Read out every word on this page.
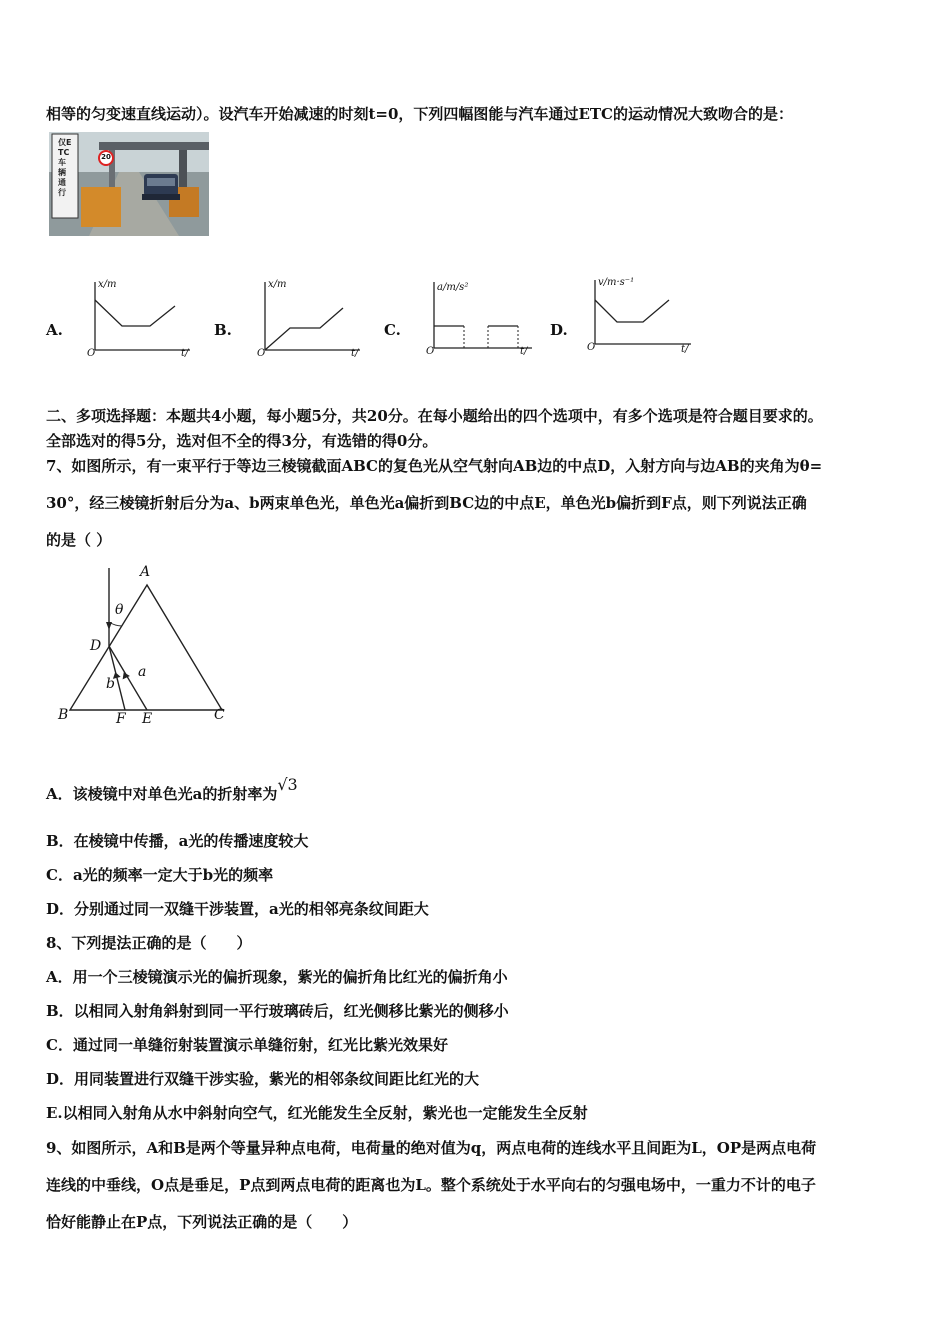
相等的匀变速直线运动）。设汽车开始减速的时刻t=0，下列四幅图能与汽车通过ETC的运动情况大致吻合的是：
仅ETC车辆通行
20
A.
x/m
O	t/
B.
x/m
O	t/
C.
a/m/s²
O	t/
D.
v/m·s⁻¹
O	t/
二、多项选择题：本题共4小题，每小题5分，共20分。在每小题给出的四个选项中，有多个选项是符合题目要求的。
全部选对的得5分，选对但不全的得3分，有选错的得0分。
7、如图所示，有一束平行于等边三棱镜截面ABC的复色光从空气射向AB边的中点D，入射方向与边AB的夹角为θ=
30°，经三棱镜折射后分为a、b两束单色光，单色光a偏折到BC边的中点E，单色光b偏折到F点，则下列说法正确
的是（ ）
A
θ
D
a
b
B	F E	C
A．该棱镜中对单色光a的折射率为√3
B．在棱镜中传播，a光的传播速度较大
C．a光的频率一定大于b光的频率
D．分别通过同一双缝干涉装置，a光的相邻亮条纹间距大
8、下列提法正确的是（　　）
A．用一个三棱镜演示光的偏折现象，紫光的偏折角比红光的偏折角小
B．以相同入射角斜射到同一平行玻璃砖后，红光侧移比紫光的侧移小
C．通过同一单缝衍射装置演示单缝衍射，红光比紫光效果好
D．用同装置进行双缝干涉实验，紫光的相邻条纹间距比红光的大
E.以相同入射角从水中斜射向空气，红光能发生全反射，紫光也一定能发生全反射
9、如图所示，A和B是两个等量异种点电荷，电荷量的绝对值为q，两点电荷的连线水平且间距为L，OP是两点电荷
连线的中垂线，O点是垂足，P点到两点电荷的距离也为L。整个系统处于水平向右的匀强电场中，一重力不计的电子
恰好能静止在P点，下列说法正确的是（　　）
